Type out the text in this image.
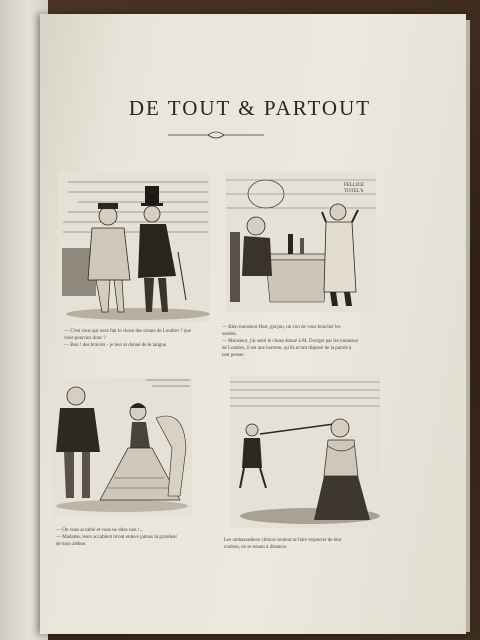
DE TOUT & PARTOUT
FELLICE TOTEL'S
— C'est vous qui avez fait le chose des ornats de Londres ? que
vous pourriez donc ?
— Bon ! des bravots - je leur al donné de le langue.
— Bien monsieur Hart, garçon, un con de vous boucher les
sondes.
— Monsieur, j'ai senti le chose donné à M. Dorrget par les tonneaux
de Londres, il est une barrette, qu'ils m'ont disposé de la parole à
tant penser.
— On vous accable et vous ne dites rien !...
— Madame, leurs accablent m'ont enlevé jamais la grandeur
de mon alebne.
Les ambassadeurs chinois seulent se faire respecter de leur
couleur, en se tenant à distance.
